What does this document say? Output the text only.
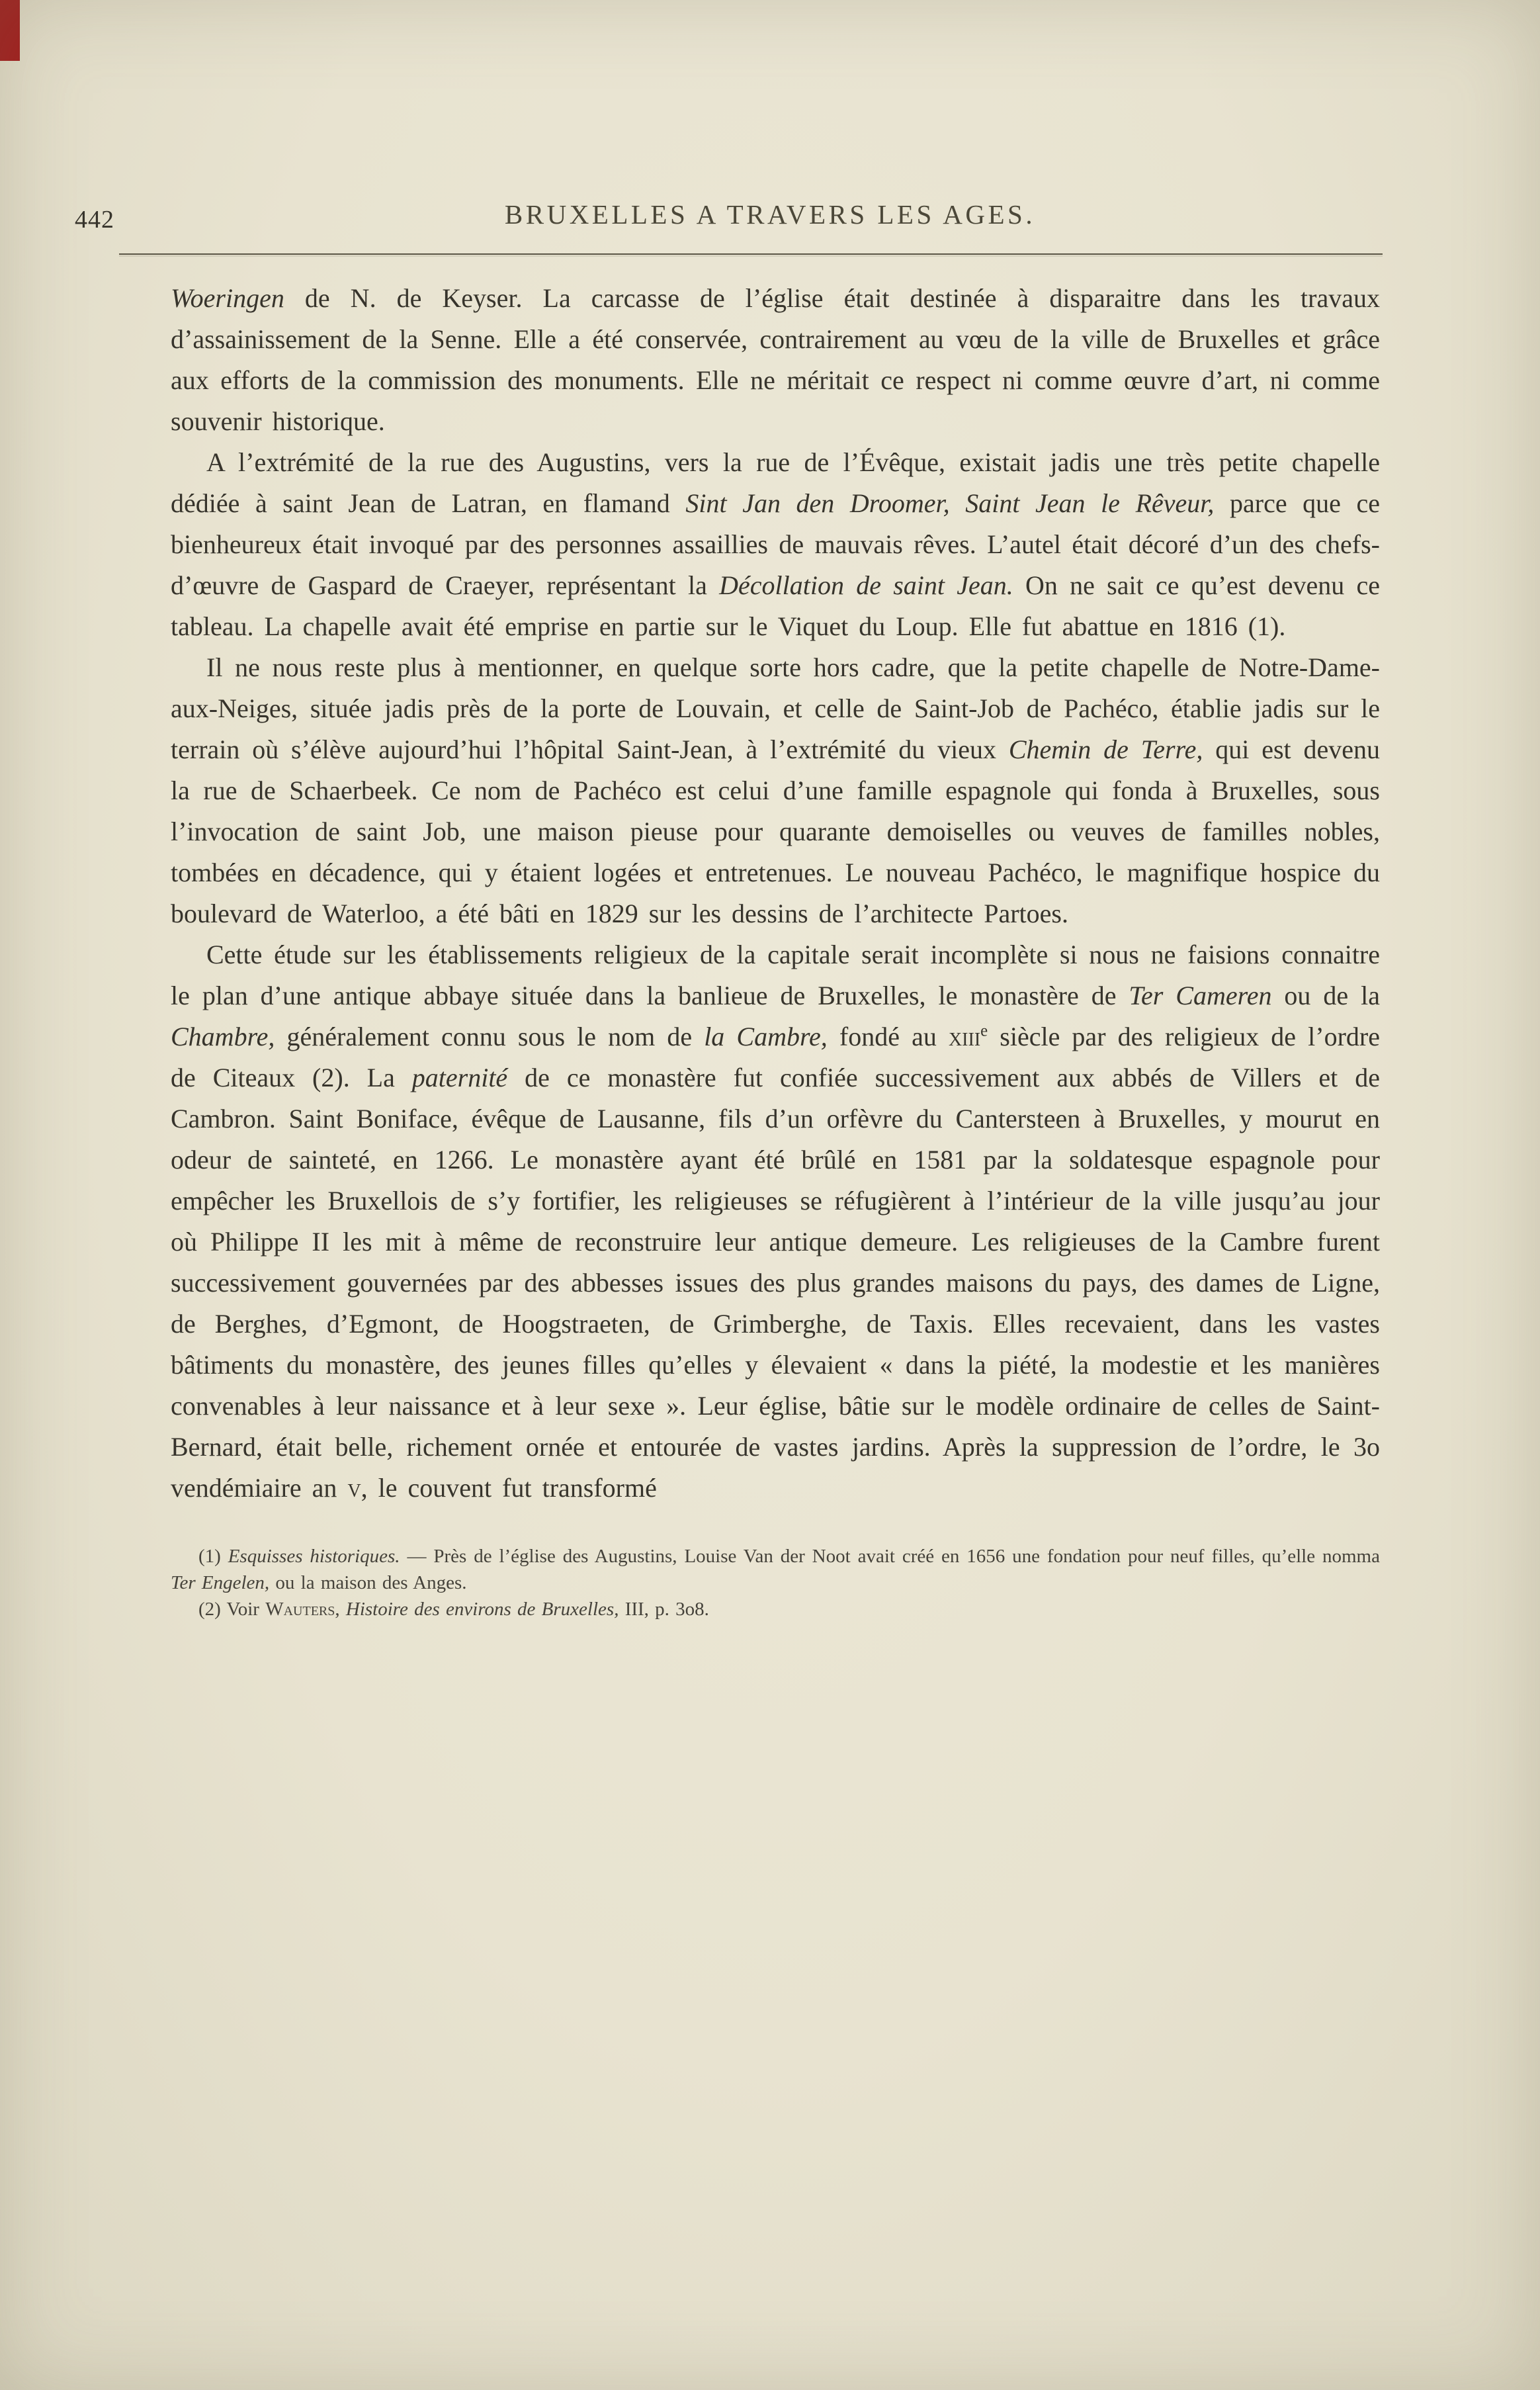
442	BRUXELLES A TRAVERS LES AGES.

Woeringen de N. de Keyser. La carcasse de l’église était destinée à disparaitre dans les travaux d’assainissement de la Senne. Elle a été conservée, contrairement au vœu de la ville de Bruxelles et grâce aux efforts de la commission des monuments. Elle ne méritait ce respect ni comme œuvre d’art, ni comme souvenir historique.

A l’extrémité de la rue des Augustins, vers la rue de l’Évêque, existait jadis une très petite chapelle dédiée à saint Jean de Latran, en flamand Sint Jan den Droomer, Saint Jean le Rêveur, parce que ce bienheureux était invoqué par des personnes assaillies de mauvais rêves. L’autel était décoré d’un des chefs-d’œuvre de Gaspard de Craeyer, représentant la Décollation de saint Jean. On ne sait ce qu’est devenu ce tableau. La chapelle avait été emprise en partie sur le Viquet du Loup. Elle fut abattue en 1816 (1).

Il ne nous reste plus à mentionner, en quelque sorte hors cadre, que la petite chapelle de Notre-Dame-aux-Neiges, située jadis près de la porte de Louvain, et celle de Saint-Job de Pachéco, établie jadis sur le terrain où s’élève aujourd’hui l’hôpital Saint-Jean, à l’extrémité du vieux Chemin de Terre, qui est devenu la rue de Schaerbeek. Ce nom de Pachéco est celui d’une famille espagnole qui fonda à Bruxelles, sous l’invocation de saint Job, une maison pieuse pour quarante demoiselles ou veuves de familles nobles, tombées en décadence, qui y étaient logées et entretenues. Le nouveau Pachéco, le magnifique hospice du boulevard de Waterloo, a été bâti en 1829 sur les dessins de l’architecte Partoes.

Cette étude sur les établissements religieux de la capitale serait incomplète si nous ne faisions connaitre le plan d’une antique abbaye située dans la banlieue de Bruxelles, le monastère de Ter Cameren ou de la Chambre, généralement connu sous le nom de la Cambre, fondé au xiii$^e$ siècle par des religieux de l’ordre de Citeaux (2). La paternité de ce monastère fut confiée successivement aux abbés de Villers et de Cambron. Saint Boniface, évêque de Lausanne, fils d’un orfèvre du Cantersteen à Bruxelles, y mourut en odeur de sainteté, en 1266. Le monastère ayant été brûlé en 1581 par la soldatesque espagnole pour empêcher les Bruxellois de s’y fortifier, les religieuses se réfugièrent à l’intérieur de la ville jusqu’au jour où Philippe II les mit à même de reconstruire leur antique demeure. Les religieuses de la Cambre furent successivement gouvernées par des abbesses issues des plus grandes maisons du pays, des dames de Ligne, de Berghes, d’Egmont, de Hoogstraeten, de Grimberghe, de Taxis. Elles recevaient, dans les vastes bâtiments du monastère, des jeunes filles qu’elles y élevaient « dans la piété, la modestie et les manières convenables à leur naissance et à leur sexe ». Leur église, bâtie sur le modèle ordinaire de celles de Saint-Bernard, était belle, richement ornée et entourée de vastes jardins. Après la suppression de l’ordre, le 3o vendémiaire an v, le couvent fut transformé

(1) Esquisses historiques. — Près de l’église des Augustins, Louise Van der Noot avait créé en 1656 une fondation pour neuf filles, qu’elle nomma Ter Engelen, ou la maison des Anges.

(2) Voir Wauters, Histoire des environs de Bruxelles, III, p. 3o8.
